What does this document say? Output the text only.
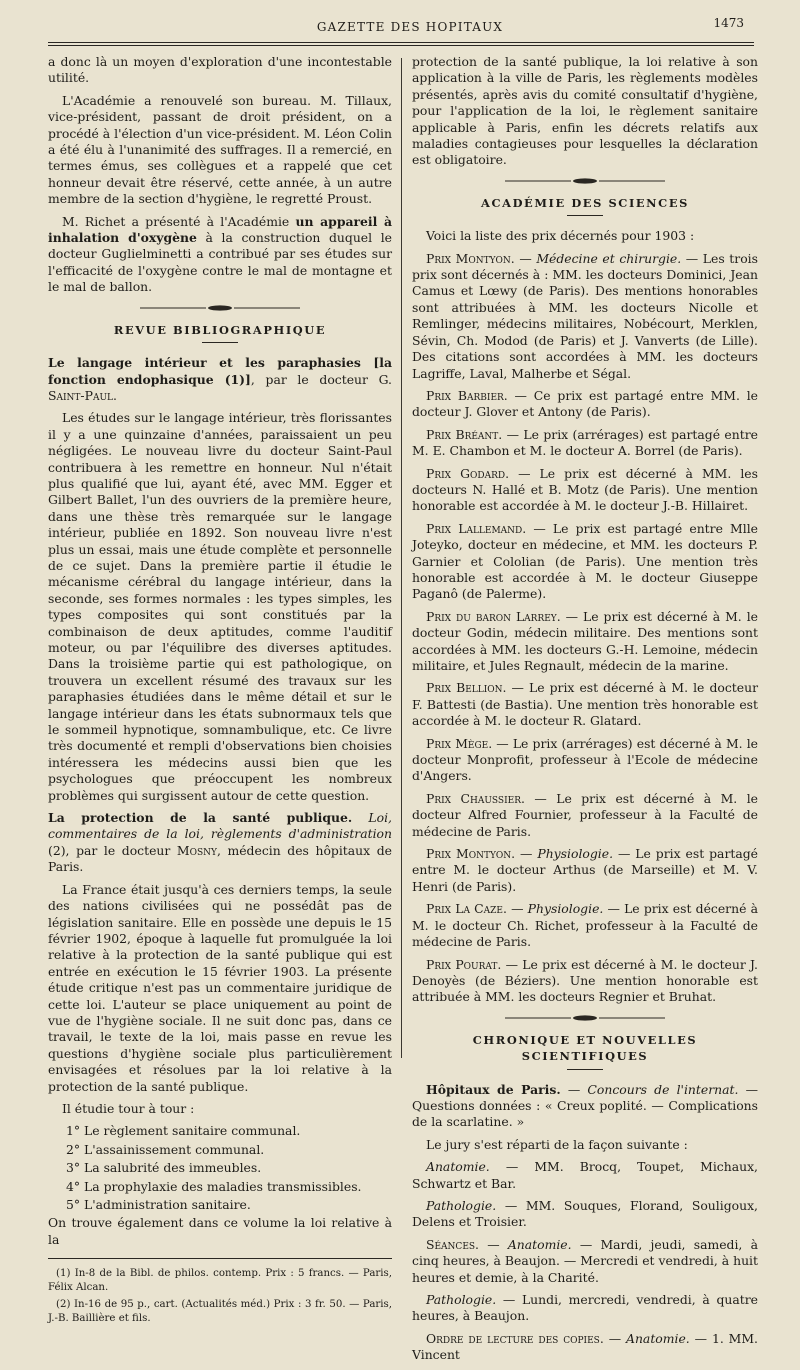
GAZETTE DES HOPITAUX	1473

a donc là un moyen d'exploration d'une incontestable utilité.

L'Académie a renouvelé son bureau. M. Tillaux, vice-président, passant de droit président, on a procédé à l'élection d'un vice-président. M. Léon Colin a été élu à l'unanimité des suffrages. Il a remercié, en termes émus, ses collègues et a rappelé que cet honneur devait être réservé, cette année, à un autre membre de la section d'hygiène, le regretté Proust.

M. Richet a présenté à l'Académie un appareil à inhalation d'oxygène à la construction duquel le docteur Guglielminetti a contribué par ses études sur l'efficacité de l'oxygène contre le mal de montagne et le mal de ballon.

REVUE BIBLIOGRAPHIQUE

Le langage intérieur et les paraphasies [la fonction endophasique (1)], par le docteur G. Saint-Paul.

Les études sur le langage intérieur, très florissantes il y a une quinzaine d'années, paraissaient un peu négligées. Le nouveau livre du docteur Saint-Paul contribuera à les remettre en honneur. Nul n'était plus qualifié que lui, ayant été, avec MM. Egger et Gilbert Ballet, l'un des ouvriers de la première heure, dans une thèse très remarquée sur le langage intérieur, publiée en 1892. Son nouveau livre n'est plus un essai, mais une étude complète et personnelle de ce sujet. Dans la première partie il étudie le mécanisme cérébral du langage intérieur, dans la seconde, ses formes normales : les types simples, les types composites qui sont constitués par la combinaison de deux aptitudes, comme l'auditif moteur, ou par l'équilibre des diverses aptitudes. Dans la troisième partie qui est pathologique, on trouvera un excellent résumé des travaux sur les paraphasies étudiées dans le même détail et sur le langage intérieur dans les états subnormaux tels que le sommeil hypnotique, somnambulique, etc. Ce livre très documenté et rempli d'observations bien choisies intéressera les médecins aussi bien que les psychologues que préoccupent les nombreux problèmes qui surgissent autour de cette question.

La protection de la santé publique. Loi, commentaires de la loi, règlements d'administration (2), par le docteur Mosny, médecin des hôpitaux de Paris.

La France était jusqu'à ces derniers temps, la seule des nations civilisées qui ne possédât pas de législation sanitaire. Elle en possède une depuis le 15 février 1902, époque à laquelle fut promulguée la loi relative à la protection de la santé publique qui est entrée en exécution le 15 février 1903. La présente étude critique n'est pas un commentaire juridique de cette loi. L'auteur se place uniquement au point de vue de l'hygiène sociale. Il ne suit donc pas, dans ce travail, le texte de la loi, mais passe en revue les questions d'hygiène sociale plus particulièrement envisagées et résolues par la loi relative à la protection de la santé publique.

Il étudie tour à tour :

1° Le règlement sanitaire communal.
2° L'assainissement communal.
3° La salubrité des immeubles.
4° La prophylaxie des maladies transmissibles.
5° L'administration sanitaire.

On trouve également dans ce volume la loi relative à la

(1) In-8 de la Bibl. de philos. contemp. Prix : 5 francs. — Paris, Félix Alcan.
(2) In-16 de 95 p., cart. (Actualités méd.) Prix : 3 fr. 50. — Paris, J.-B. Baillière et fils.

protection de la santé publique, la loi relative à son application à la ville de Paris, les règlements modèles présentés, après avis du comité consultatif d'hygiène, pour l'application de la loi, le règlement sanitaire applicable à Paris, enfin les décrets relatifs aux maladies contagieuses pour lesquelles la déclaration est obligatoire.

ACADÉMIE DES SCIENCES

Voici la liste des prix décernés pour 1903 :

Prix Montyon. — Médecine et chirurgie. — Les trois prix sont décernés à : MM. les docteurs Dominici, Jean Camus et Lœwy (de Paris). Des mentions honorables sont attribuées à MM. les docteurs Nicolle et Remlinger, médecins militaires, Nobécourt, Merklen, Sévin, Ch. Modod (de Paris) et J. Vanverts (de Lille). Des citations sont accordées à MM. les docteurs Lagriffe, Laval, Malherbe et Ségal.

Prix Barbier. — Ce prix est partagé entre MM. le docteur J. Glover et Antony (de Paris).

Prix Bréant. — Le prix (arrérages) est partagé entre M. E. Chambon et M. le docteur A. Borrel (de Paris).

Prix Godard. — Le prix est décerné à MM. les docteurs N. Hallé et B. Motz (de Paris). Une mention honorable est accordée à M. le docteur J.-B. Hillairet.

Prix Lallemand. — Le prix est partagé entre Mlle Joteyko, docteur en médecine, et MM. les docteurs P. Garnier et Cololian (de Paris). Une mention très honorable est accordée à M. le docteur Giuseppe Paganô (de Palerme).

Prix du baron Larrey. — Le prix est décerné à M. le docteur Godin, médecin militaire. Des mentions sont accordées à MM. les docteurs G.-H. Lemoine, médecin militaire, et Jules Regnault, médecin de la marine.

Prix Bellion. — Le prix est décerné à M. le docteur F. Battesti (de Bastia). Une mention très honorable est accordée à M. le docteur R. Glatard.

Prix Mège. — Le prix (arrérages) est décerné à M. le docteur Monprofit, professeur à l'Ecole de médecine d'Angers.

Prix Chaussier. — Le prix est décerné à M. le docteur Alfred Fournier, professeur à la Faculté de médecine de Paris.

Prix Montyon. — Physiologie. — Le prix est partagé entre M. le docteur Arthus (de Marseille) et M. V. Henri (de Paris).

Prix La Caze. — Physiologie. — Le prix est décerné à M. le docteur Ch. Richet, professeur à la Faculté de médecine de Paris.

Prix Pourat. — Le prix est décerné à M. le docteur J. Denoyès (de Béziers). Une mention honorable est attribuée à MM. les docteurs Regnier et Bruhat.

CHRONIQUE ET NOUVELLES SCIENTIFIQUES

Hôpitaux de Paris. — Concours de l'internat. — Questions données : « Creux poplité. — Complications de la scarlatine. »

Le jury s'est réparti de la façon suivante :

Anatomie. — MM. Brocq, Toupet, Michaux, Schwartz et Bar.

Pathologie. — MM. Souques, Florand, Souligoux, Delens et Troisier.

Séances. — Anatomie. — Mardi, jeudi, samedi, à cinq heures, à Beaujon. — Mercredi et vendredi, à huit heures et demie, à la Charité.

Pathologie. — Lundi, mercredi, vendredi, à quatre heures, à Beaujon.

Ordre de lecture des copies. — Anatomie. — 1. MM. Vincent
